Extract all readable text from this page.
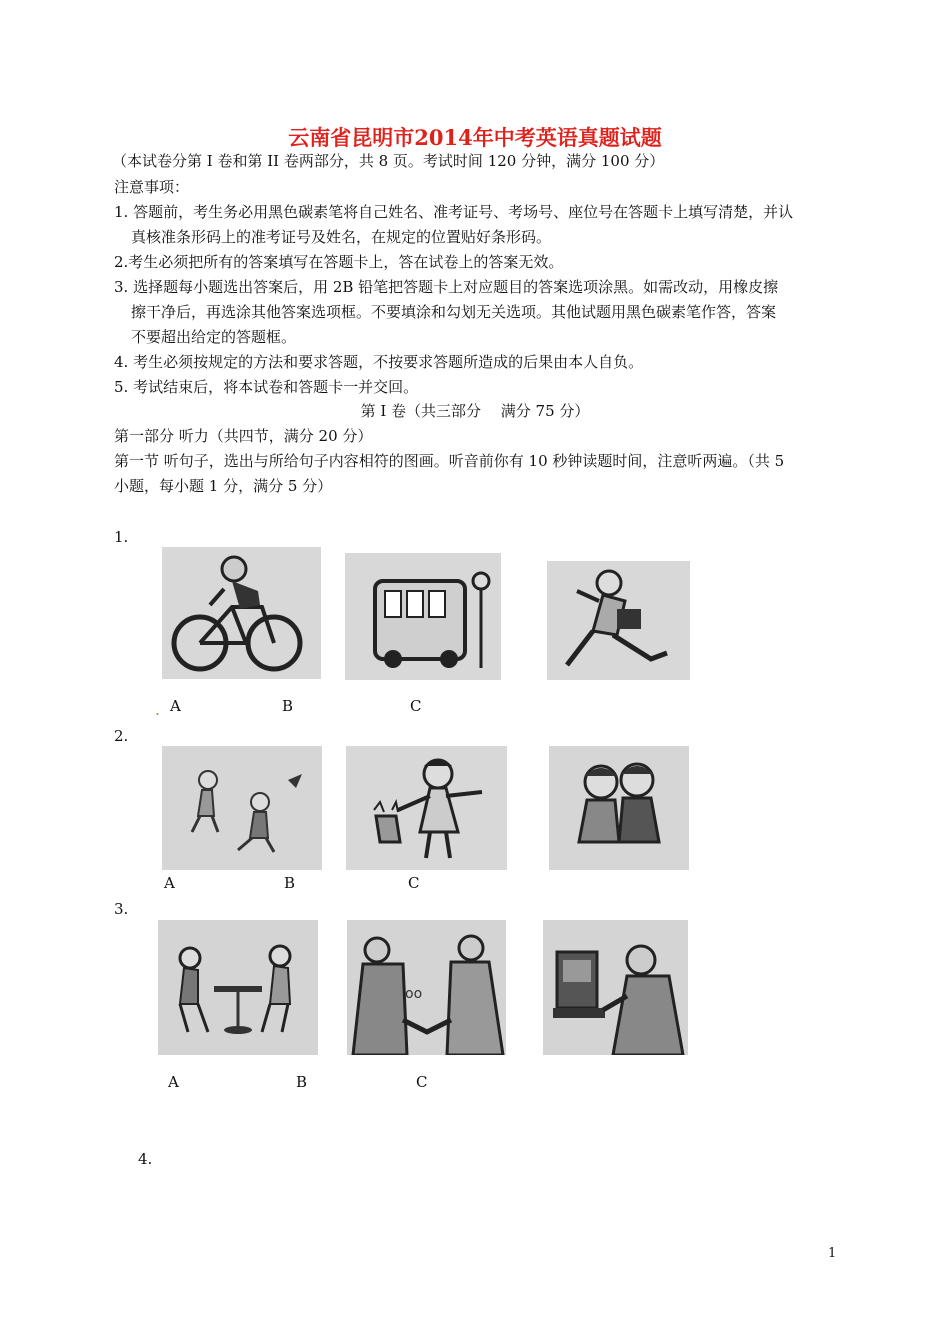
云南省昆明市2014年中考英语真题试题
（本试卷分第 I 卷和第 II 卷两部分，共 8 页。考试时间 120 分钟，满分 100 分）
注意事项：
1. 答题前，考生务必用黑色碳素笔将自己姓名、准考证号、考场号、座位号在答题卡上填写清楚，并认
真核准条形码上的准考证号及姓名，在规定的位置贴好条形码。
2.考生必须把所有的答案填写在答题卡上，答在试卷上的答案无效。
3. 选择题每小题选出答案后，用 2B 铅笔把答题卡上对应题目的答案选项涂黑。如需改动，用橡皮擦
擦干净后，再选涂其他答案选项框。不要填涂和勾划无关选项。其他试题用黑色碳素笔作答，答案
不要超出给定的答题框。
4. 考生必须按规定的方法和要求答题，不按要求答题所造成的后果由本人自负。
5. 考试结束后，将本试卷和答题卡一并交回。
第 I 卷（共三部分　 满分 75 分）
第一部分 听力（共四节，满分 20 分）
第一节 听句子，选出与所给句子内容相符的图画。听音前你有 10 秒钟读题时间，注意听两遍。（共 5
小题，每小题 1 分，满分 5 分）
1.
. A	B	C
2.
A	B	C
3.
oo
A	B	C
4.
1
